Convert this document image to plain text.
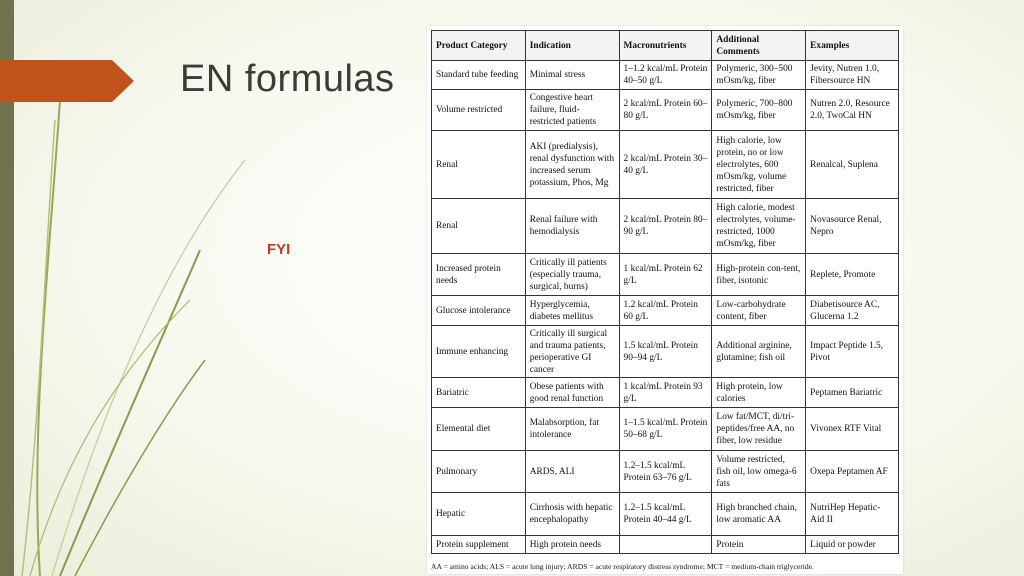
EN formulas
FYI
Product Category	Indication	Macronutrients	Additional Comments	Examples
Standard tube feeding	Minimal stress	1–1.2 kcal/mL Protein 40–50 g/L	Polymeric, 300–500 mOsm/kg, fiber	Jevity, Nutren 1.0, Fibersource HN
Volume restricted	Congestive heart failure, fluid-restricted patients	2 kcal/mL Protein 60–80 g/L	Polymeric, 700–800 mOsm/kg, fiber	Nutren 2.0, Resource 2.0, TwoCal HN
Renal	AKI (predialysis), renal dysfunction with increased serum potassium, Phos, Mg	2 kcal/mL Protein 30–40 g/L	High calorie, low protein, no or low electrolytes, 600 mOsm/kg, volume restricted, fiber	Renalcal, Suplena
Renal	Renal failure with hemodialysis	2 kcal/mL Protein 80–90 g/L	High calorie, modest electrolytes, volume-restricted, 1000 mOsm/kg, fiber	Novasource Renal, Nepro
Increased protein needs	Critically ill patients (especially trauma, surgical, burns)	1 kcal/mL Protein 62 g/L	High-protein con-tent, fiber, isotonic	Replete, Promote
Glucose intolerance	Hyperglycemia, diabetes mellitus	1.2 kcal/mL Protein 60 g/L	Low-carbohydrate content, fiber	Diabetisource AC, Glucerna 1.2
Immune enhancing	Critically ill surgical and trauma patients, perioperative GI cancer	1.5 kcal/mL Protein 90–94 g/L	Additional arginine, glutamine; fish oil	Impact Peptide 1.5, Pivot
Bariatric	Obese patients with good renal function	1 kcal/mL Protein 93 g/L	High protein, low calories	Peptamen Bariatric
Elemental diet	Malabsorption, fat intolerance	1–1.5 kcal/mL Protein 50–68 g/L	Low fat/MCT, di/tri-peptides/free AA, no fiber, low residue	Vivonex RTF Vital
Pulmonary	ARDS, ALI	1.2–1.5 kcal/mL Protein 63–76 g/L	Volume restricted, fish oil, low omega-6 fats	Oxepa Peptamen AF
Hepatic	Cirrhosis with hepatic encephalopathy	1.2–1.5 kcal/mL Protein 40–44 g/L	High branched chain, low aromatic AA	NutriHep Hepatic-Aid II
Protein supplement	High protein needs		Protein	Liquid or powder
AA = amino acids; ALS = acute lung injury; ARDS = acute respiratory distress syndrome; MCT = medium-chain triglyceride.
